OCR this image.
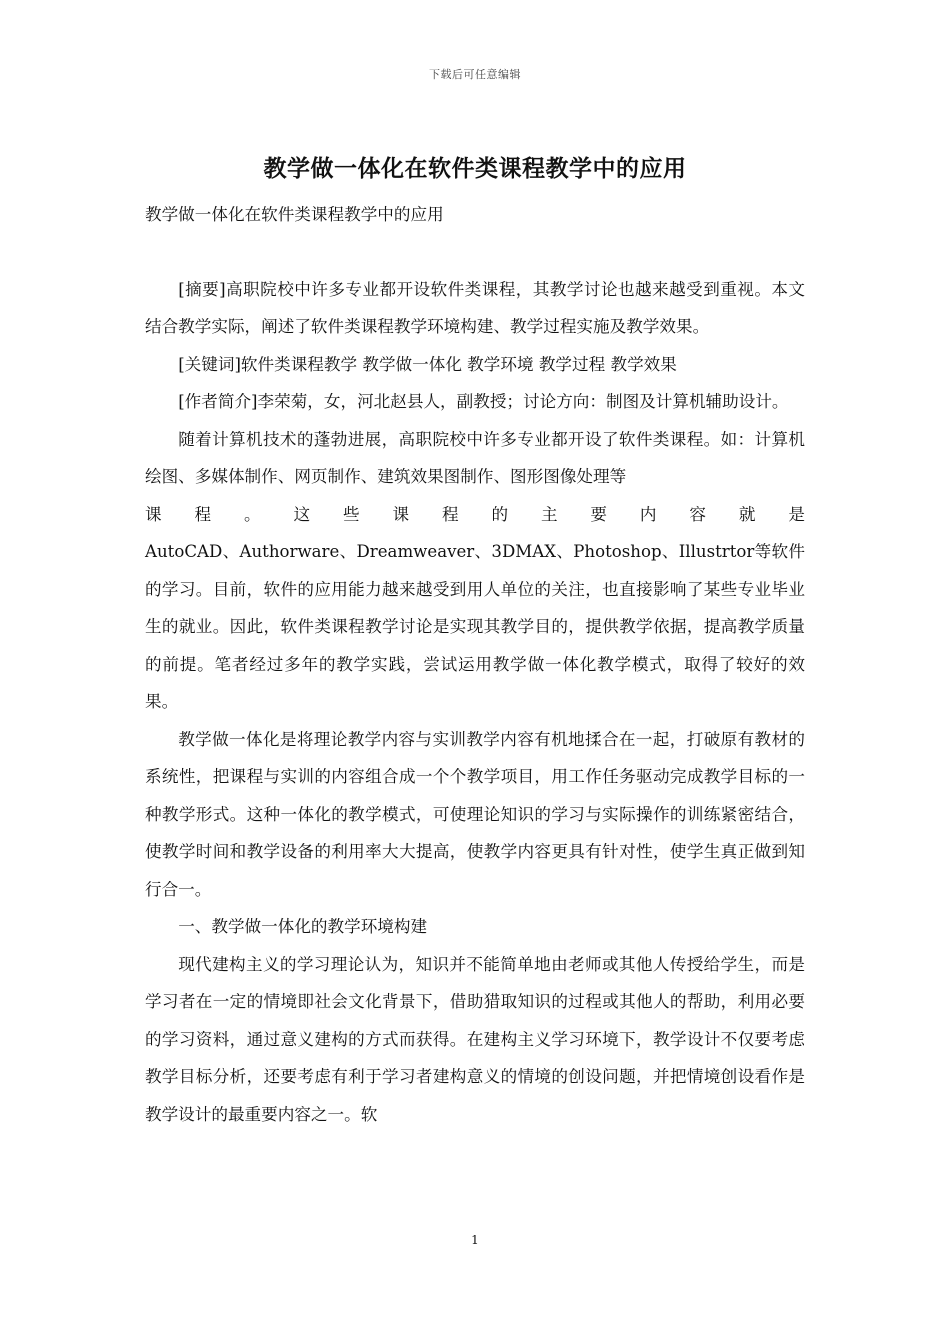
下载后可任意编辑
教学做一体化在软件类课程教学中的应用

教学做一体化在软件类课程教学中的应用

[摘要]高职院校中许多专业都开设软件类课程，其教学讨论也越来越受到重视。本文结合教学实际，阐述了软件类课程教学环境构建、教学过程实施及教学效果。

[关键词]软件类课程教学 教学做一体化 教学环境 教学过程 教学效果

[作者简介]李荣菊，女，河北赵县人，副教授；讨论方向：制图及计算机辅助设计。

随着计算机技术的蓬勃进展，高职院校中许多专业都开设了软件类课程。如：计算机绘图、多媒体制作、网页制作、建筑效果图制作、图形图像处理等

课程。这些课程的主要内容就是

AutoCAD、Authorware、Dreamweaver、3DMAX、Photoshop、Illustrtor等软件的学习。目前，软件的应用能力越来越受到用人单位的关注，也直接影响了某些专业毕业生的就业。因此，软件类课程教学讨论是实现其教学目的，提供教学依据，提高教学质量的前提。笔者经过多年的教学实践，尝试运用教学做一体化教学模式，取得了较好的效果。

教学做一体化是将理论教学内容与实训教学内容有机地揉合在一起，打破原有教材的系统性，把课程与实训的内容组合成一个个教学项目，用工作任务驱动完成教学目标的一种教学形式。这种一体化的教学模式，可使理论知识的学习与实际操作的训练紧密结合，使教学时间和教学设备的利用率大大提高，使教学内容更具有针对性，使学生真正做到知行合一。

一、教学做一体化的教学环境构建

现代建构主义的学习理论认为，知识并不能简单地由老师或其他人传授给学生，而是学习者在一定的情境即社会文化背景下，借助猎取知识的过程或其他人的帮助，利用必要的学习资料，通过意义建构的方式而获得。在建构主义学习环境下，教学设计不仅要考虑教学目标分析，还要考虑有利于学习者建构意义的情境的创设问题，并把情境创设看作是教学设计的最重要内容之一。软

1
